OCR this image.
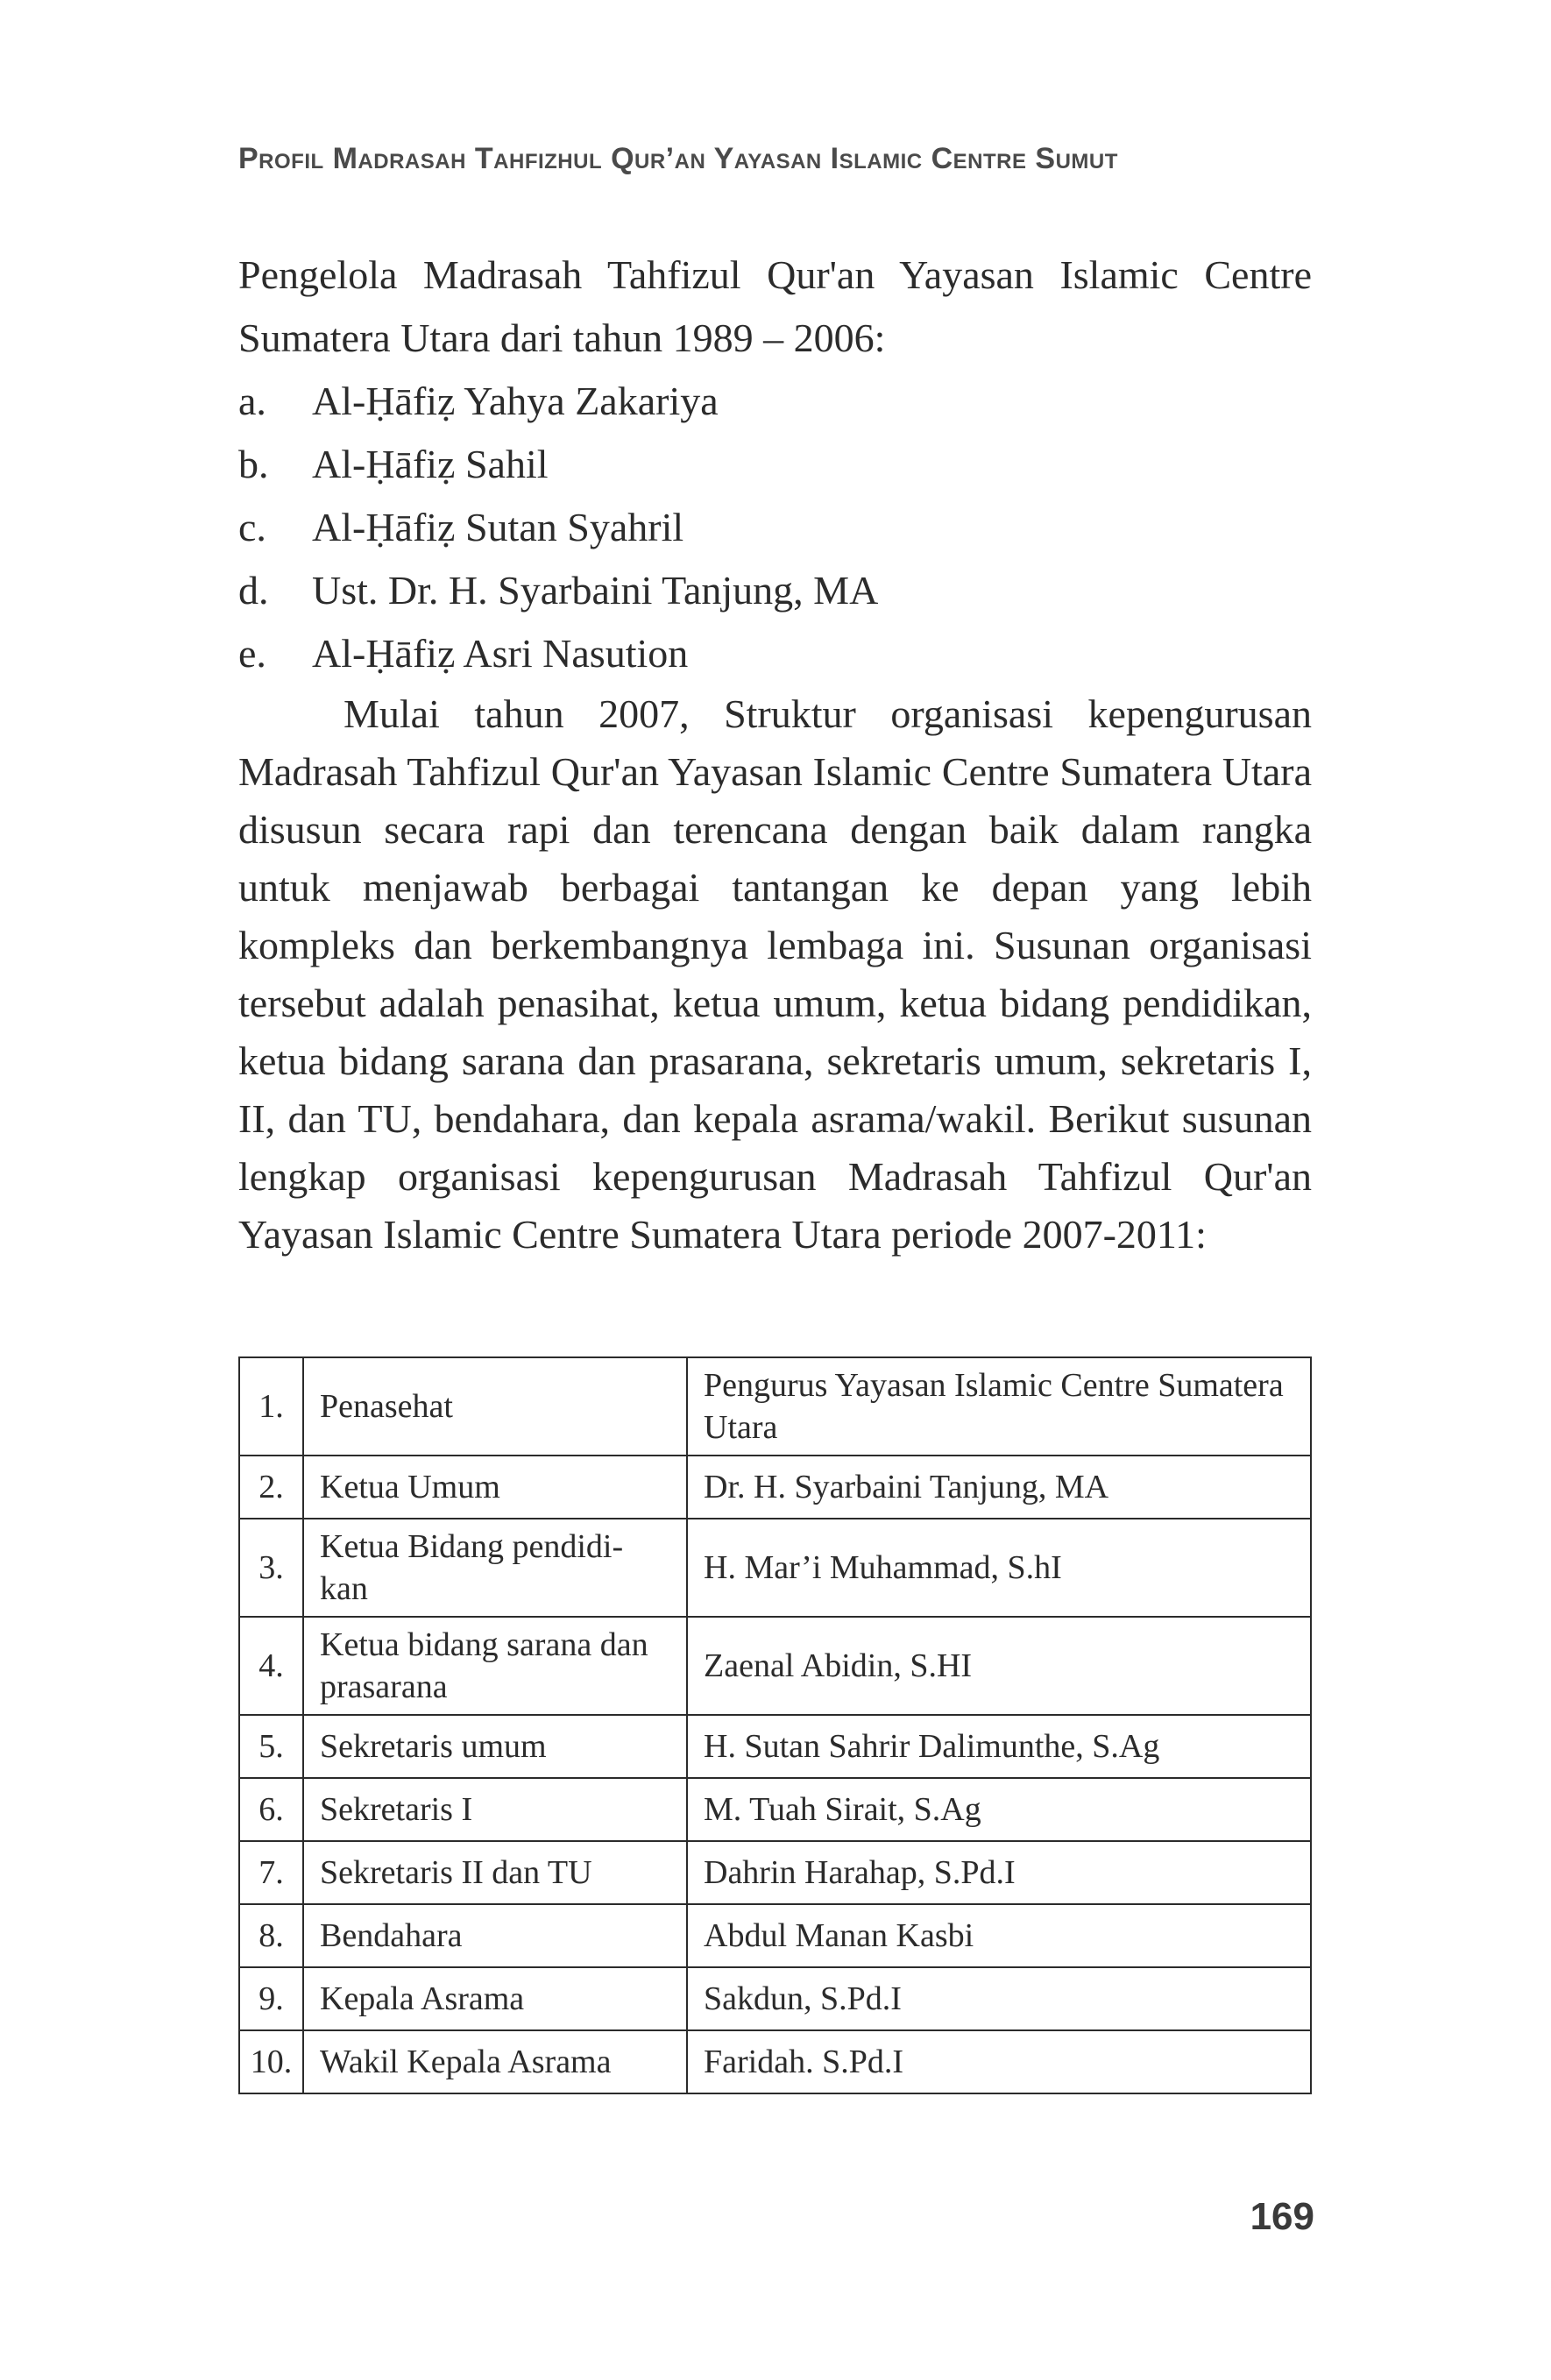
Profil Madrasah Tahfizhul Qur’an Yayasan Islamic Centre Sumut

Pengelola Madrasah Tahfizul Qur'an Yayasan Islamic Centre Sumatera Utara dari tahun 1989 – 2006:

a.	Al-Ḥāfiẓ Yahya Zakariya
b.	Al-Ḥāfiẓ Sahil
c.	Al-Ḥāfiẓ Sutan Syahril
d.	Ust. Dr. H. Syarbaini Tanjung, MA
e.	Al-Ḥāfiẓ Asri Nasution

Mulai tahun 2007, Struktur organisasi kepengurusan Madrasah Tahfizul Qur'an Yayasan Islamic Centre Sumatera Utara disusun secara rapi dan terencana dengan baik dalam rangka untuk menjawab berbagai tantangan ke depan yang lebih kompleks dan berkembangnya lembaga ini. Susunan organisasi tersebut adalah penasihat, ketua umum, ketua bidang pendidikan, ketua bidang sarana dan prasarana, sekretaris umum, sekretaris I, II, dan TU, bendahara, dan kepala asrama/wakil. Berikut susunan lengkap organisasi kepengurusan Madrasah Tahfizul Qur'an Yayasan Islamic Centre Sumatera Utara periode 2007-2011:

1.	Penasehat	Pengurus Yayasan Islamic Centre Sumatera Utara
2.	Ketua Umum	Dr. H. Syarbaini Tanjung, MA
3.	Ketua Bidang pendidi-kan	H. Mar’i Muhammad, S.hI
4.	Ketua bidang sarana dan prasarana	Zaenal Abidin, S.HI
5.	Sekretaris umum	H. Sutan Sahrir Dalimunthe, S.Ag
6.	Sekretaris I	M. Tuah Sirait, S.Ag
7.	Sekretaris II dan TU	Dahrin Harahap, S.Pd.I
8.	Bendahara	Abdul Manan Kasbi
9.	Kepala Asrama	Sakdun, S.Pd.I
10.	Wakil Kepala Asrama	Faridah. S.Pd.I
169
